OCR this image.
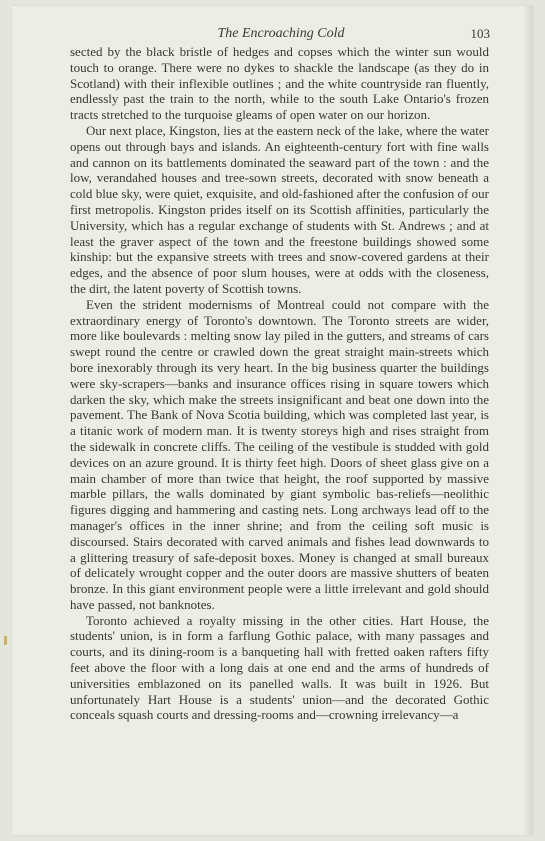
The Encroaching Cold	103

sected by the black bristle of hedges and copses which the winter sun would touch to orange. There were no dykes to shackle the landscape (as they do in Scotland) with their inflexible outlines ; and the white countryside ran fluently, endlessly past the train to the north, while to the south Lake Ontario's frozen tracts stretched to the turquoise gleams of open water on our horizon.

Our next place, Kingston, lies at the eastern neck of the lake, where the water opens out through bays and islands. An eighteenth-century fort with fine walls and cannon on its battlements dominated the seaward part of the town : and the low, verandahed houses and tree-sown streets, decorated with snow beneath a cold blue sky, were quiet, exquisite, and old-fashioned after the confusion of our first metropolis. Kingston prides itself on its Scottish affinities, particularly the University, which has a regular exchange of students with St. Andrews ; and at least the graver aspect of the town and the freestone buildings showed some kinship: but the expansive streets with trees and snow-covered gardens at their edges, and the absence of poor slum houses, were at odds with the closeness, the dirt, the latent poverty of Scottish towns.

Even the strident modernisms of Montreal could not compare with the extraordinary energy of Toronto's downtown. The Toronto streets are wider, more like boulevards : melting snow lay piled in the gutters, and streams of cars swept round the centre or crawled down the great straight main-streets which bore inexorably through its very heart. In the big business quarter the buildings were sky-scrapers—banks and insurance offices rising in square towers which darken the sky, which make the streets insignificant and beat one down into the pavement. The Bank of Nova Scotia building, which was completed last year, is a titanic work of modern man. It is twenty storeys high and rises straight from the sidewalk in concrete cliffs. The ceiling of the vestibule is studded with gold devices on an azure ground. It is thirty feet high. Doors of sheet glass give on a main chamber of more than twice that height, the roof supported by massive marble pillars, the walls dominated by giant symbolic bas-reliefs—neolithic figures digging and hammering and casting nets. Long archways lead off to the manager's offices in the inner shrine; and from the ceiling soft music is discoursed. Stairs decorated with carved animals and fishes lead downwards to a glittering treasury of safe-deposit boxes. Money is changed at small bureaux of delicately wrought copper and the outer doors are massive shutters of beaten bronze. In this giant environment people were a little irrelevant and gold should have passed, not banknotes.

Toronto achieved a royalty missing in the other cities. Hart House, the students' union, is in form a farflung Gothic palace, with many passages and courts, and its dining-room is a banqueting hall with fretted oaken rafters fifty feet above the floor with a long dais at one end and the arms of hundreds of universities emblazoned on its panelled walls. It was built in 1926. But unfortunately Hart House is a students' union—and the decorated Gothic conceals squash courts and dressing-rooms and—crowning irrelevancy—a
